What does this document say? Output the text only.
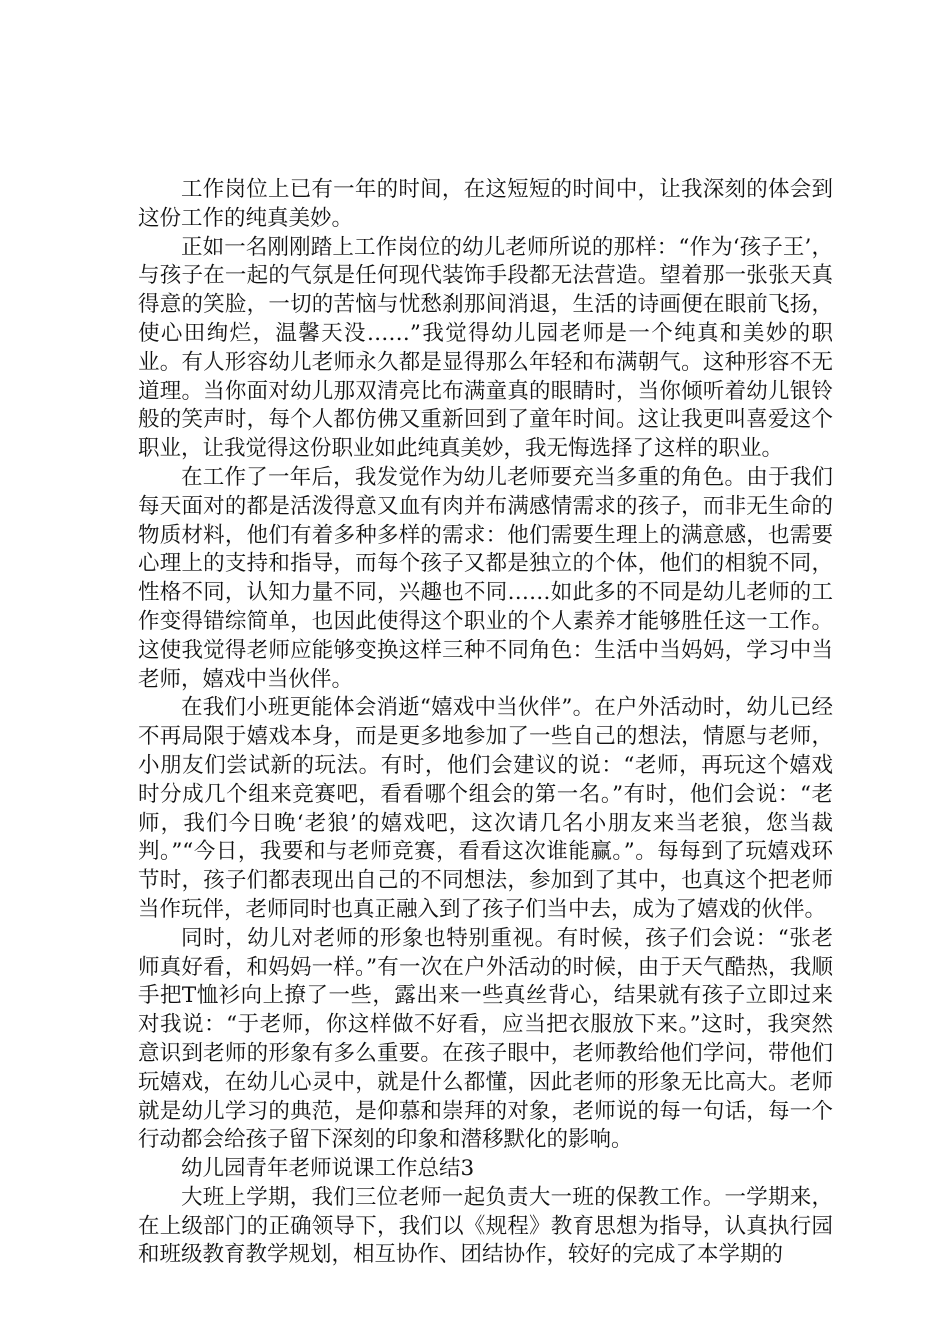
工作岗位上已有一年的时间，在这短短的时间中，让我深刻的体会到这份工作的纯真美妙。

正如一名刚刚踏上工作岗位的幼儿老师所说的那样：“作为‘孩子王’，与孩子在一起的气氛是任何现代装饰手段都无法营造。望着那一张张天真得意的笑脸，一切的苦恼与忧愁刹那间消退，生活的诗画便在眼前飞扬，使心田绚烂，温馨天没……”我觉得幼儿园老师是一个纯真和美妙的职业。有人形容幼儿老师永久都是显得那么年轻和布满朝气。这种形容不无道理。当你面对幼儿那双清亮比布满童真的眼睛时，当你倾听着幼儿银铃般的笑声时，每个人都仿佛又重新回到了童年时间。这让我更叫喜爱这个职业，让我觉得这份职业如此纯真美妙，我无悔选择了这样的职业。

在工作了一年后，我发觉作为幼儿老师要充当多重的角色。由于我们每天面对的都是活泼得意又血有肉并布满感情需求的孩子，而非无生命的物质材料，他们有着多种多样的需求：他们需要生理上的满意感，也需要心理上的支持和指导，而每个孩子又都是独立的个体，他们的相貌不同，性格不同，认知力量不同，兴趣也不同……如此多的不同是幼儿老师的工作变得错综简单，也因此使得这个职业的个人素养才能够胜任这一工作。这使我觉得老师应能够变换这样三种不同角色：生活中当妈妈，学习中当老师，嬉戏中当伙伴。

在我们小班更能体会消逝“嬉戏中当伙伴”。在户外活动时，幼儿已经不再局限于嬉戏本身，而是更多地参加了一些自己的想法，情愿与老师，小朋友们尝试新的玩法。有时，他们会建议的说：“老师，再玩这个嬉戏时分成几个组来竞赛吧，看看哪个组会的第一名。”有时，他们会说：“老师，我们今日晚‘老狼’的嬉戏吧，这次请几名小朋友来当老狼，您当裁判。”“今日，我要和与老师竞赛，看看这次谁能赢。”。每每到了玩嬉戏环节时，孩子们都表现出自己的不同想法，参加到了其中，也真这个把老师当作玩伴，老师同时也真正融入到了孩子们当中去，成为了嬉戏的伙伴。

同时，幼儿对老师的形象也特别重视。有时候，孩子们会说：“张老师真好看，和妈妈一样。”有一次在户外活动的时候，由于天气酷热，我顺手把T恤衫向上撩了一些，露出来一些真丝背心，结果就有孩子立即过来对我说：“于老师，你这样做不好看，应当把衣服放下来。”这时，我突然意识到老师的形象有多么重要。在孩子眼中，老师教给他们学问，带他们玩嬉戏，在幼儿心灵中，就是什么都懂，因此老师的形象无比高大。老师就是幼儿学习的典范，是仰慕和崇拜的对象，老师说的每一句话，每一个行动都会给孩子留下深刻的印象和潜移默化的影响。

幼儿园青年老师说课工作总结3

大班上学期，我们三位老师一起负责大一班的保教工作。一学期来，在上级部门的正确领导下，我们以《规程》教育思想为指导，认真执行园和班级教育教学规划，相互协作、团结协作，较好的完成了本学期的
